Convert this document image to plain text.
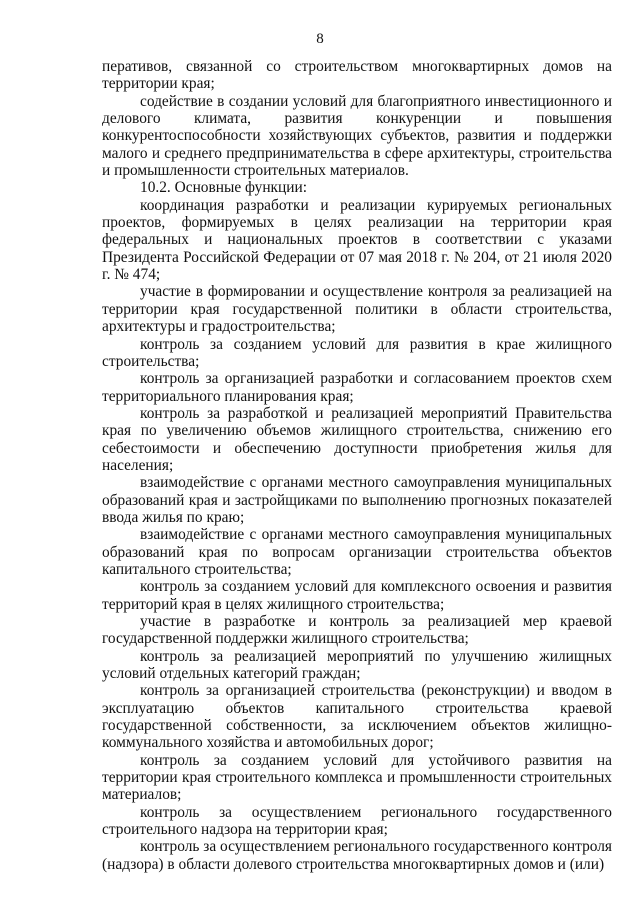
8

перативов, связанной со строительством многоквартирных домов на территории края;

содействие в создании условий для благоприятного инвестиционного и делового климата, развития конкуренции и повышения конкурентоспособности хозяйствующих субъектов, развития и поддержки малого и среднего предпринимательства в сфере архитектуры, строительства и промышленности строительных материалов.

10.2. Основные функции:

координация разработки и реализации курируемых региональных проектов, формируемых в целях реализации на территории края федеральных и национальных проектов в соответствии с указами Президента Российской Федерации от 07 мая 2018 г. № 204, от 21 июля 2020 г. № 474;

участие в формировании и осуществление контроля за реализацией на территории края государственной политики в области строительства, архитектуры и градостроительства;

контроль за созданием условий для развития в крае жилищного строительства;

контроль за организацией разработки и согласованием проектов схем территориального планирования края;

контроль за разработкой и реализацией мероприятий Правительства края по увеличению объемов жилищного строительства, снижению его себестоимости и обеспечению доступности приобретения жилья для населения;

взаимодействие с органами местного самоуправления муниципальных образований края и застройщиками по выполнению прогнозных показателей ввода жилья по краю;

взаимодействие с органами местного самоуправления муниципальных образований края по вопросам организации строительства объектов капитального строительства;

контроль за созданием условий для комплексного освоения и развития территорий края в целях жилищного строительства;

участие в разработке и контроль за реализацией мер краевой государственной поддержки жилищного строительства;

контроль за реализацией мероприятий по улучшению жилищных условий отдельных категорий граждан;

контроль за организацией строительства (реконструкции) и вводом в эксплуатацию объектов капитального строительства краевой государственной собственности, за исключением объектов жилищно-коммунального хозяйства и автомобильных дорог;

контроль за созданием условий для устойчивого развития на территории края строительного комплекса и промышленности строительных материалов;

контроль за осуществлением регионального государственного строительного надзора на территории края;

контроль за осуществлением регионального государственного контроля (надзора) в области долевого строительства многоквартирных домов и (или)
